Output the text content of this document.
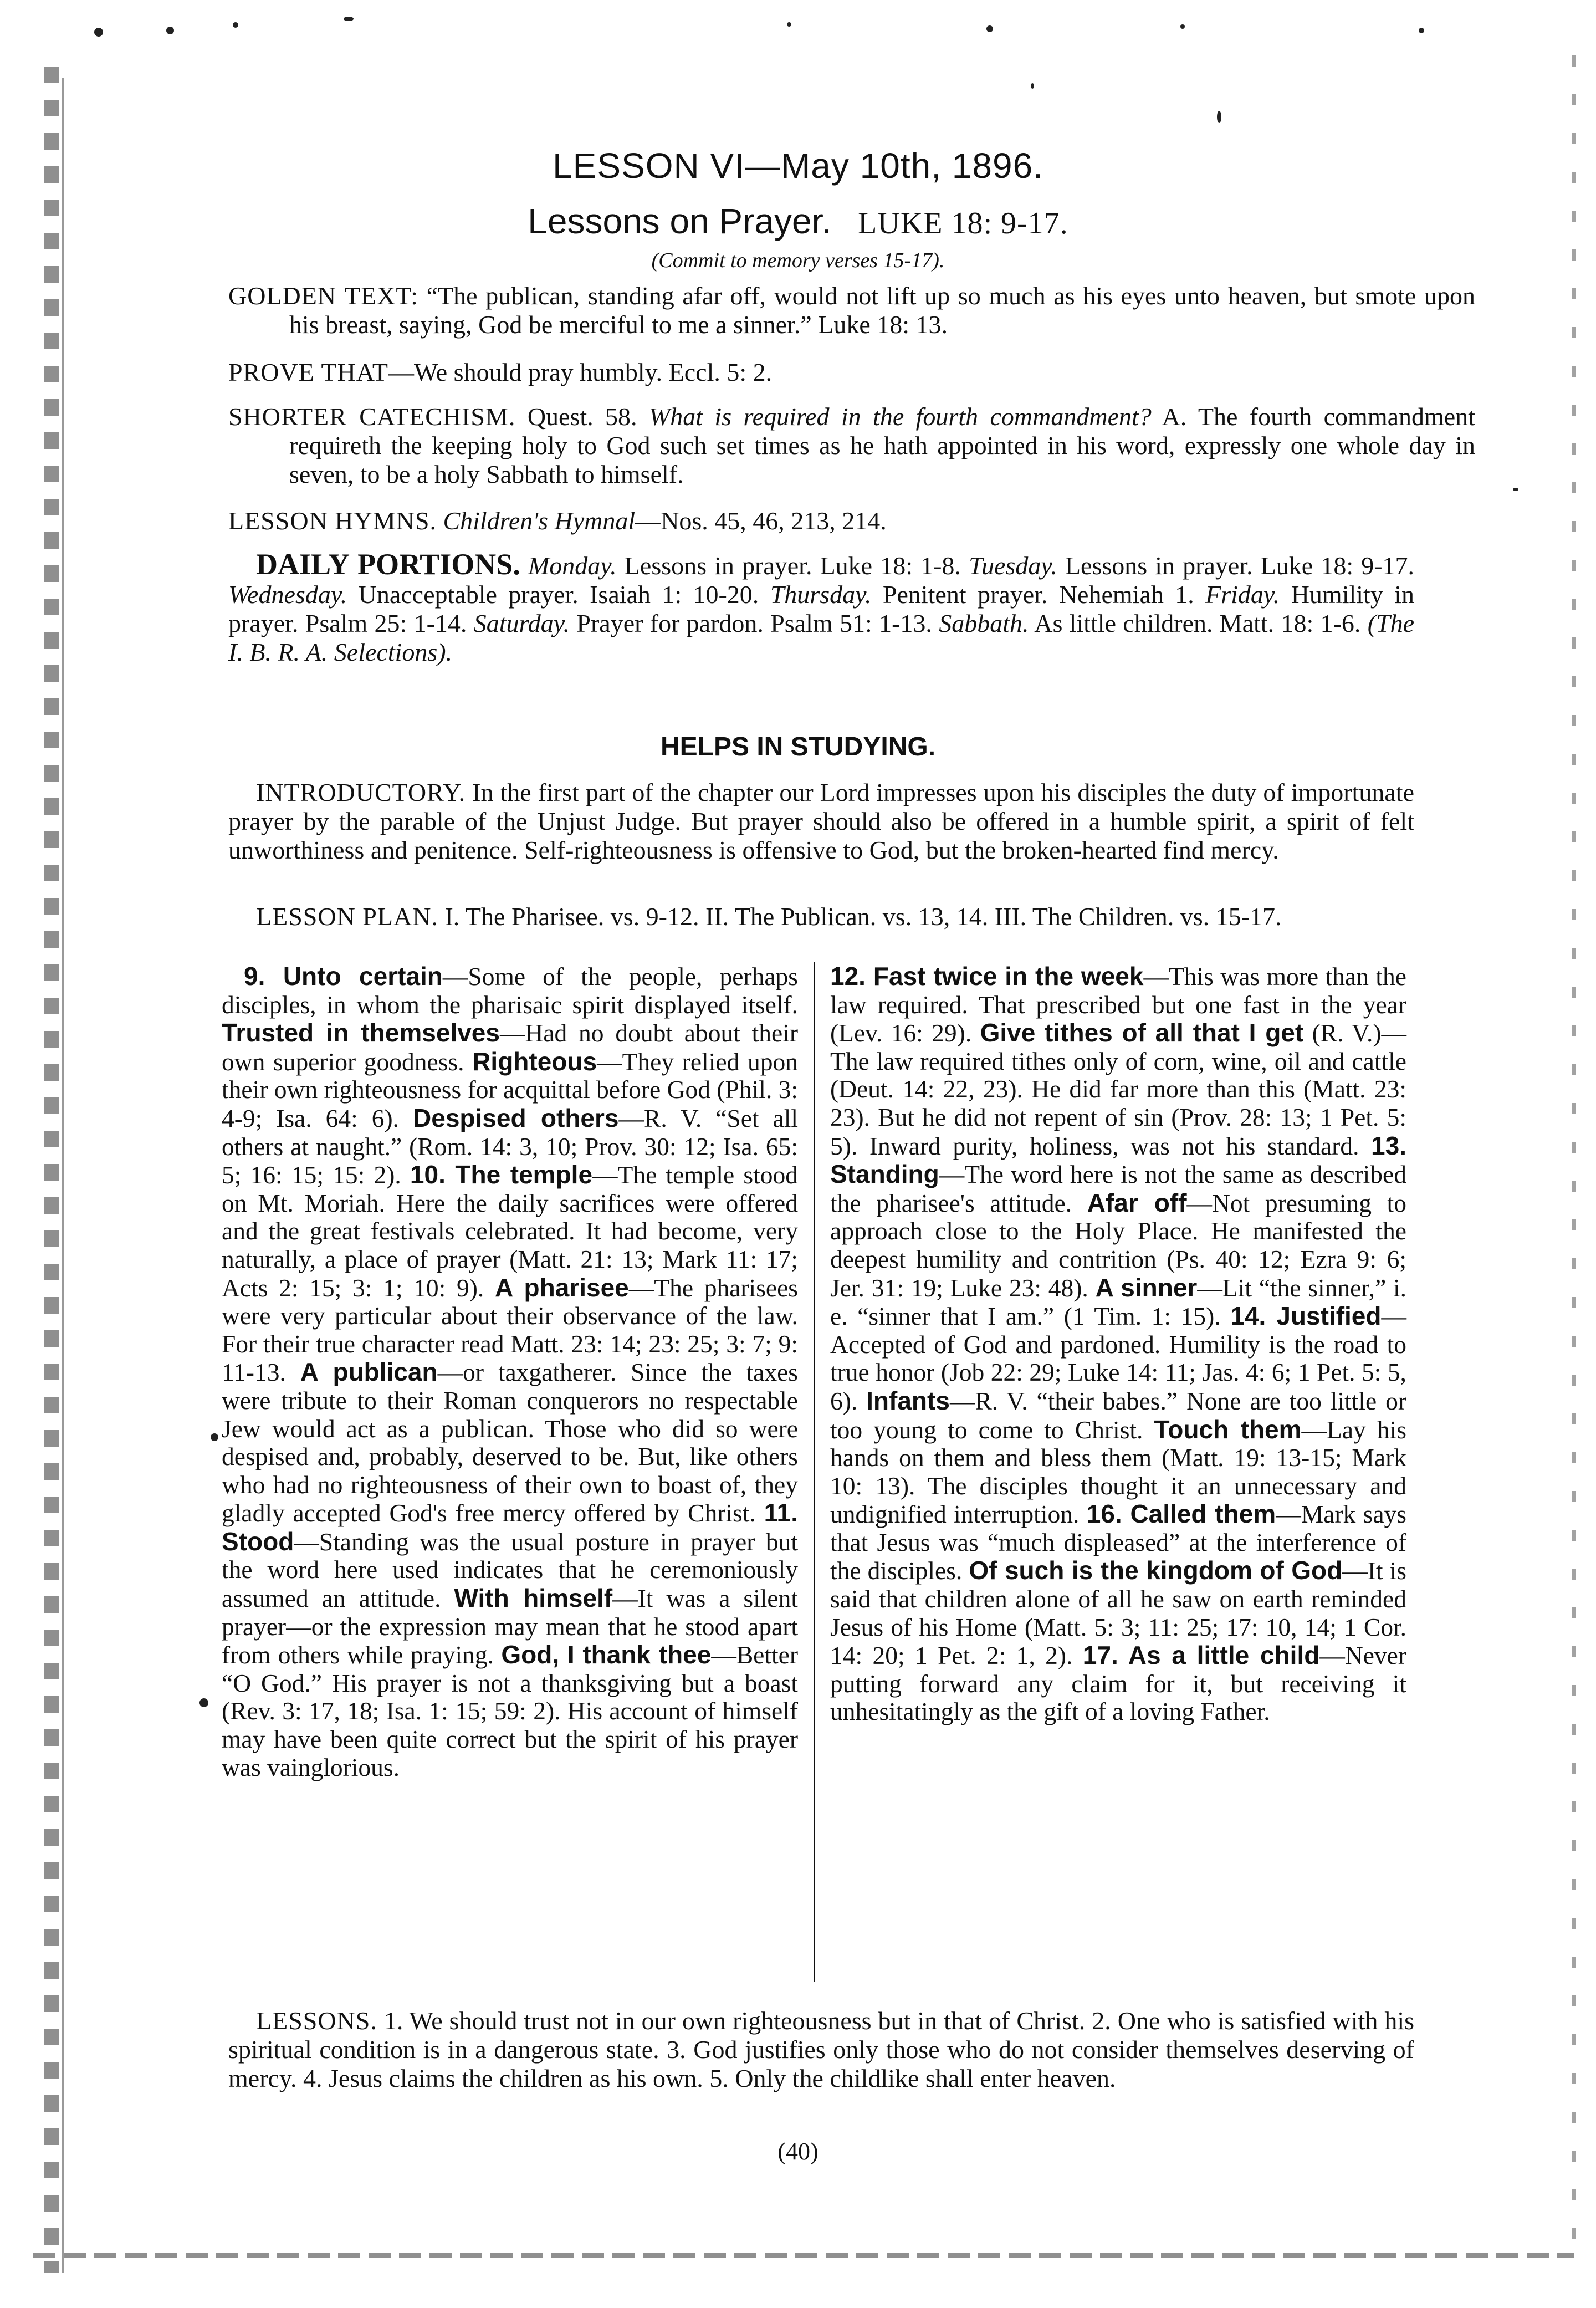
LESSON VI—May 10th, 1896.
Lessons on Prayer. LUKE 18: 9-17.
(Commit to memory verses 15-17).
GOLDEN TEXT: “The publican, standing afar off, would not lift up so much as his eyes unto heaven, but smote upon his breast, saying, God be merciful to me a sinner.” Luke 18: 13.
PROVE THAT—We should pray humbly. Eccl. 5: 2.
SHORTER CATECHISM. Quest. 58. What is required in the fourth commandment? A. The fourth commandment requireth the keeping holy to God such set times as he hath appointed in his word, expressly one whole day in seven, to be a holy Sabbath to himself.
LESSON HYMNS. Children's Hymnal—Nos. 45, 46, 213, 214.
DAILY PORTIONS. Monday. Lessons in prayer. Luke 18: 1-8. Tuesday. Lessons in prayer. Luke 18: 9-17. Wednesday. Unacceptable prayer. Isaiah 1: 10-20. Thursday. Penitent prayer. Nehemiah 1. Friday. Humility in prayer. Psalm 25: 1-14. Saturday. Prayer for pardon. Psalm 51: 1-13. Sabbath. As little children. Matt. 18: 1-6. (The I. B. R. A. Selections).
HELPS IN STUDYING.
INTRODUCTORY. In the first part of the chapter our Lord impresses upon his disciples the duty of importunate prayer by the parable of the Unjust Judge. But prayer should also be offered in a humble spirit, a spirit of felt unworthiness and penitence. Self-righteousness is offensive to God, but the broken-hearted find mercy.
LESSON PLAN. I. The Pharisee. vs. 9-12. II. The Publican. vs. 13, 14. III. The Children. vs. 15-17.
9. Unto certain—Some of the people, perhaps disciples, in whom the pharisaic spirit displayed itself. Trusted in themselves—Had no doubt about their own superior goodness. Righteous—They relied upon their own righteousness for acquittal before God (Phil. 3: 4-9; Isa. 64: 6). Despised others—R. V. “Set all others at naught.” (Rom. 14: 3, 10; Prov. 30: 12; Isa. 65: 5; 16: 15; 15: 2). 10. The temple—The temple stood on Mt. Moriah. Here the daily sacrifices were offered and the great festivals celebrated. It had become, very naturally, a place of prayer (Matt. 21: 13; Mark 11: 17; Acts 2: 15; 3: 1; 10: 9). A pharisee—The pharisees were very particular about their observance of the law. For their true character read Matt. 23: 14; 23: 25; 3: 7; 9: 11-13. A publican—or taxgatherer. Since the taxes were tribute to their Roman conquerors no respectable Jew would act as a publican. Those who did so were despised and, probably, deserved to be. But, like others who had no righteousness of their own to boast of, they gladly accepted God's free mercy offered by Christ. 11. Stood—Standing was the usual posture in prayer but the word here used indicates that he ceremoniously assumed an attitude. With himself—It was a silent prayer—or the expression may mean that he stood apart from others while praying. God, I thank thee—Better “O God.” His prayer is not a thanksgiving but a boast (Rev. 3: 17, 18; Isa. 1: 15; 59: 2). His account of himself may have been quite correct but the spirit of his prayer was vainglorious.
12. Fast twice in the week—This was more than the law required. That prescribed but one fast in the year (Lev. 16: 29). Give tithes of all that I get (R. V.)—The law required tithes only of corn, wine, oil and cattle (Deut. 14: 22, 23). He did far more than this (Matt. 23: 23). But he did not repent of sin (Prov. 28: 13; 1 Pet. 5: 5). Inward purity, holiness, was not his standard. 13. Standing—The word here is not the same as described the pharisee's attitude. Afar off—Not presuming to approach close to the Holy Place. He manifested the deepest humility and contrition (Ps. 40: 12; Ezra 9: 6; Jer. 31: 19; Luke 23: 48). A sinner—Lit “the sinner,” i. e. “sinner that I am.” (1 Tim. 1: 15). 14. Justified—Accepted of God and pardoned. Humility is the road to true honor (Job 22: 29; Luke 14: 11; Jas. 4: 6; 1 Pet. 5: 5, 6). Infants—R. V. “their babes.” None are too little or too young to come to Christ. Touch them—Lay his hands on them and bless them (Matt. 19: 13-15; Mark 10: 13). The disciples thought it an unnecessary and undignified interruption. 16. Called them—Mark says that Jesus was “much displeased” at the interference of the disciples. Of such is the kingdom of God—It is said that children alone of all he saw on earth reminded Jesus of his Home (Matt. 5: 3; 11: 25; 17: 10, 14; 1 Cor. 14: 20; 1 Pet. 2: 1, 2). 17. As a little child—Never putting forward any claim for it, but receiving it unhesitatingly as the gift of a loving Father.
LESSONS. 1. We should trust not in our own righteousness but in that of Christ. 2. One who is satisfied with his spiritual condition is in a dangerous state. 3. God justifies only those who do not consider themselves deserving of mercy. 4. Jesus claims the children as his own. 5. Only the childlike shall enter heaven.
(40)
